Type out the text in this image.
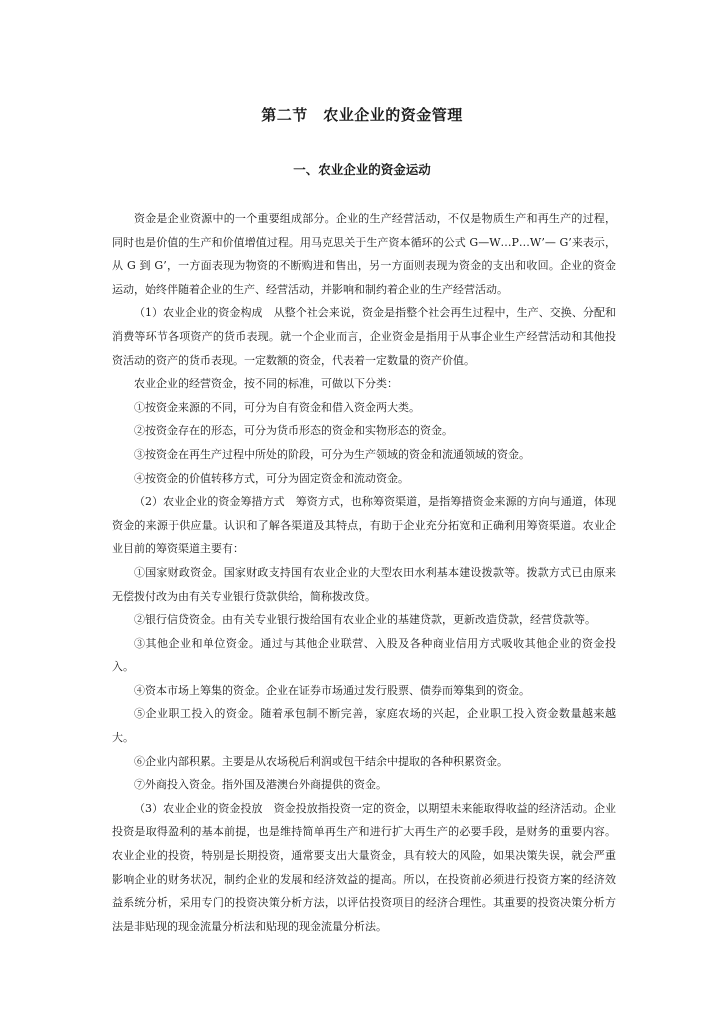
第二节　农业企业的资金管理
一、农业企业的资金运动

资金是企业资源中的一个重要组成部分。企业的生产经营活动，不仅是物质生产和再生产的过程，同时也是价值的生产和价值增值过程。用马克思关于生产资本循环的公式 G—W…P…W’— G’来表示，从 G 到 G’，一方面表现为物资的不断购进和售出，另一方面则表现为资金的支出和收回。企业的资金运动，始终伴随着企业的生产、经营活动，并影响和制约着企业的生产经营活动。

（1）农业企业的资金构成　从整个社会来说，资金是指整个社会再生过程中，生产、交换、分配和消费等环节各项资产的货币表现。就一个企业而言，企业资金是指用于从事企业生产经营活动和其他投资活动的资产的货币表现。一定数额的资金，代表着一定数量的资产价值。

农业企业的经营资金，按不同的标准，可做以下分类：

①按资金来源的不同，可分为自有资金和借入资金两大类。

②按资金存在的形态，可分为货币形态的资金和实物形态的资金。

③按资金在再生产过程中所处的阶段，可分为生产领域的资金和流通领域的资金。

④按资金的价值转移方式，可分为固定资金和流动资金。

（2）农业企业的资金筹措方式　筹资方式，也称筹资渠道，是指筹措资金来源的方向与通道，体现资金的来源于供应量。认识和了解各渠道及其特点，有助于企业充分拓宽和正确利用筹资渠道。农业企业目前的筹资渠道主要有：

①国家财政资金。国家财政支持国有农业企业的大型农田水利基本建设拨款等。拨款方式已由原来无偿拨付改为由有关专业银行贷款供给，简称拨改贷。

②银行信贷资金。由有关专业银行拨给国有农业企业的基建贷款，更新改造贷款，经营贷款等。

③其他企业和单位资金。通过与其他企业联营、入股及各种商业信用方式吸收其他企业的资金投入。

④资本市场上筹集的资金。企业在证券市场通过发行股票、债券而筹集到的资金。

⑤企业职工投入的资金。随着承包制不断完善，家庭农场的兴起，企业职工投入资金数量越来越大。

⑥企业内部积累。主要是从农场税后利润或包干结余中提取的各种积累资金。

⑦外商投入资金。指外国及港澳台外商提供的资金。

（3）农业企业的资金投放　资金投放指投资一定的资金，以期望未来能取得收益的经济活动。企业投资是取得盈利的基本前提，也是维持简单再生产和进行扩大再生产的必要手段，是财务的重要内容。农业企业的投资，特别是长期投资，通常要支出大量资金，具有较大的风险，如果决策失误，就会严重影响企业的财务状况，制约企业的发展和经济效益的提高。所以，在投资前必须进行投资方案的经济效益系统分析，采用专门的投资决策分析方法，以评估投资项目的经济合理性。其重要的投资决策分析方法是非贴现的现金流量分析法和贴现的现金流量分析法。
